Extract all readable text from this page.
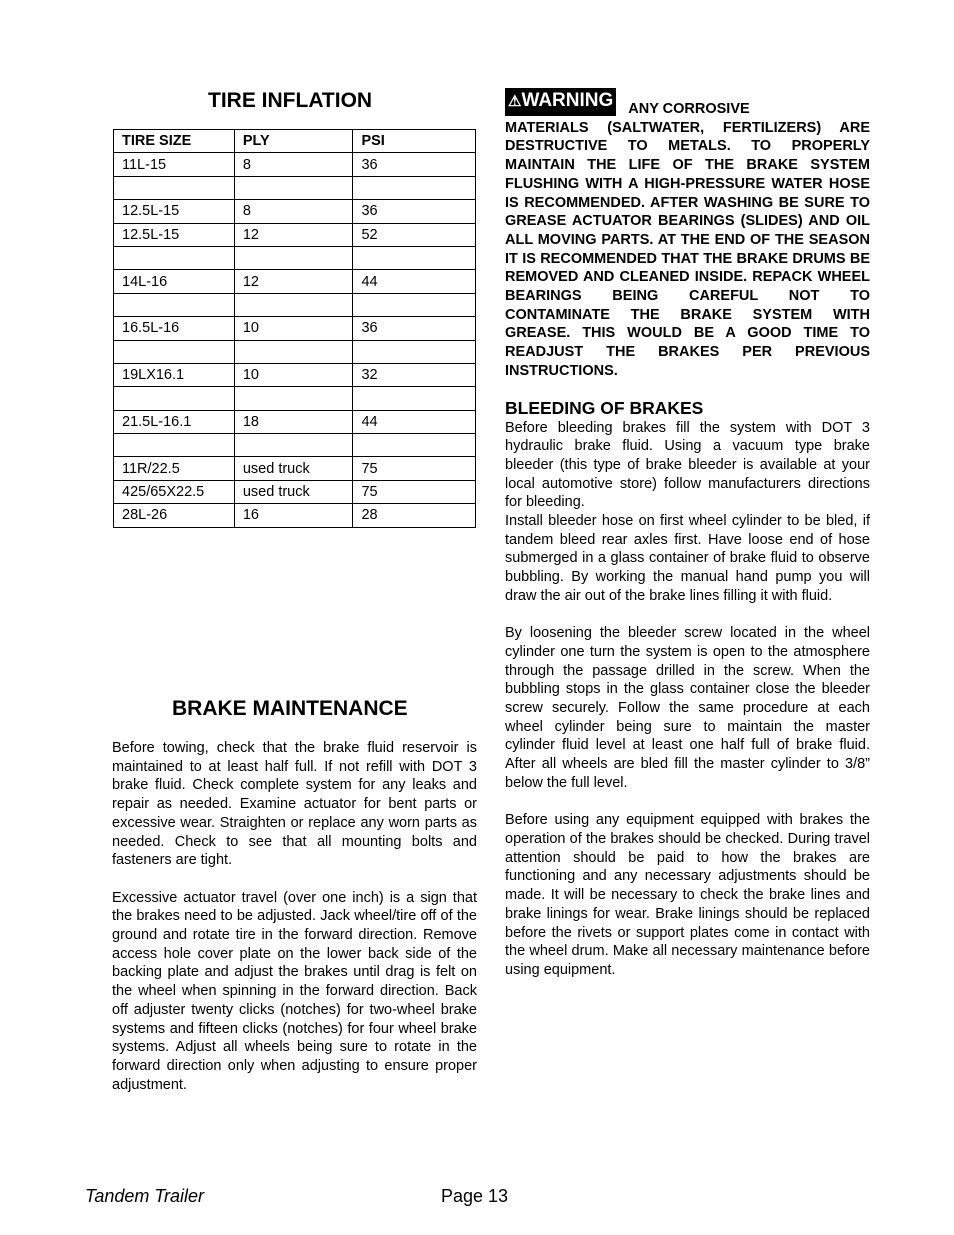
TIRE INFLATION
TIRE SIZE	PLY	PSI
11L-15	8	36

12.5L-15	8	36
12.5L-15	12	52

14L-16	12	44

16.5L-16	10	36

19LX16.1	10	32

21.5L-16.1	18	44

11R/22.5	used truck	75
425/65X22.5	used truck	75
28L-26	16	28
BRAKE MAINTENANCE

Before towing, check that the brake fluid reservoir is maintained to at least half full. If not refill with DOT 3 brake fluid. Check complete system for any leaks and repair as needed. Examine actuator for bent parts or excessive wear. Straighten or replace any worn parts as needed. Check to see that all mounting bolts and fasteners are tight.

Excessive actuator travel (over one inch) is a sign that the brakes need to be adjusted. Jack wheel/tire off of the ground and rotate tire in the forward direction. Remove access hole cover plate on the lower back side of the backing plate and adjust the brakes until drag is felt on the wheel when spinning in the forward direction. Back off adjuster twenty clicks (notches) for two-wheel brake systems and fifteen clicks (notches) for four wheel brake systems. Adjust all wheels being sure to rotate in the forward direction only when adjusting to ensure proper adjustment.

⚠WARNING ANY CORROSIVE

MATERIALS (SALTWATER, FERTILIZERS) ARE DESTRUCTIVE TO METALS. TO PROPERLY MAINTAIN THE LIFE OF THE BRAKE SYSTEM FLUSHING WITH A HIGH-PRESSURE WATER HOSE IS RECOMMENDED. AFTER WASHING BE SURE TO GREASE ACTUATOR BEARINGS (SLIDES) AND OIL ALL MOVING PARTS. AT THE END OF THE SEASON IT IS RECOMMENDED THAT THE BRAKE DRUMS BE REMOVED AND CLEANED INSIDE. REPACK WHEEL BEARINGS BEING CAREFUL NOT TO CONTAMINATE THE BRAKE SYSTEM WITH GREASE. THIS WOULD BE A GOOD TIME TO READJUST THE BRAKES PER PREVIOUS INSTRUCTIONS.

BLEEDING OF BRAKES

Before bleeding brakes fill the system with DOT 3 hydraulic brake fluid. Using a vacuum type brake bleeder (this type of brake bleeder is available at your local automotive store) follow manufacturers directions for bleeding.

Install bleeder hose on first wheel cylinder to be bled, if tandem bleed rear axles first. Have loose end of hose submerged in a glass container of brake fluid to observe bubbling. By working the manual hand pump you will draw the air out of the brake lines filling it with fluid.

By loosening the bleeder screw located in the wheel cylinder one turn the system is open to the atmosphere through the passage drilled in the screw. When the bubbling stops in the glass container close the bleeder screw securely. Follow the same procedure at each wheel cylinder being sure to maintain the master cylinder fluid level at least one half full of brake fluid. After all wheels are bled fill the master cylinder to 3/8” below the full level.

Before using any equipment equipped with brakes the operation of the brakes should be checked. During travel attention should be paid to how the brakes are functioning and any necessary adjustments should be made. It will be necessary to check the brake lines and brake linings for wear. Brake linings should be replaced before the rivets or support plates come in contact with the wheel drum. Make all necessary maintenance before using equipment.

Tandem Trailer	Page 13
